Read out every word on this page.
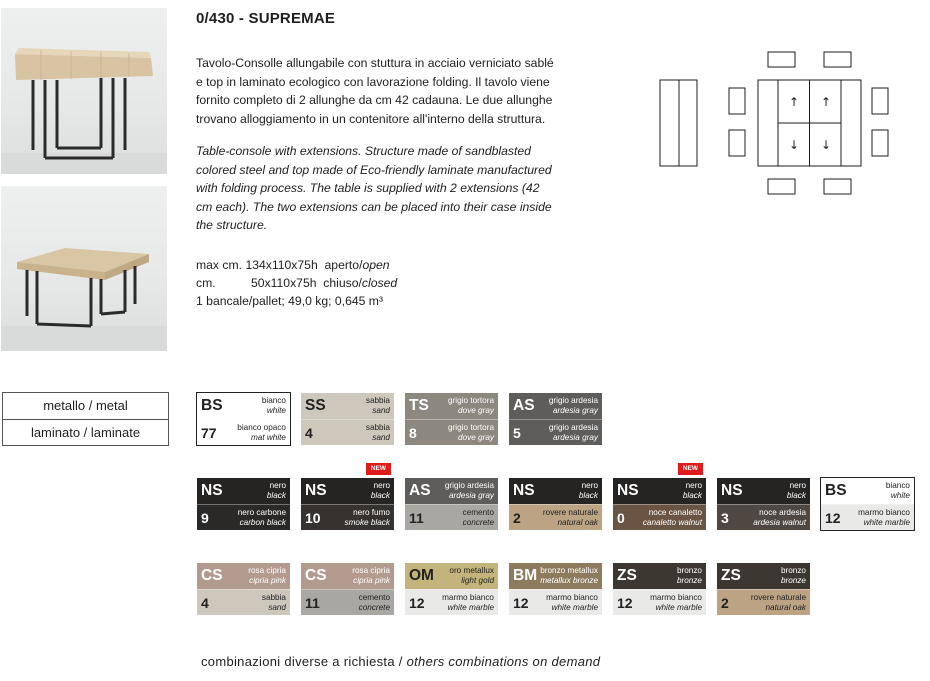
0/430 - SUPREMAE
Tavolo-Consolle allungabile con stuttura in acciaio verniciato sablé e top in laminato ecologico con lavorazione folding. Il tavolo viene fornito completo di 2 allunghe da cm 42 cadauna. Le due allunghe trovano alloggiamento in un contenitore all'interno della struttura.
Table-console with extensions. Structure made of sandblasted colored steel and top made of Eco-friendly laminate manufactured with folding process. The table is supplied with 2 extensions (42 cm each). The two extensions can be placed into their case inside the structure.
max cm. 134x110x75h aperto/open
cm.	50x110x75h chiuso/closed
1 bancale/pallet; 49,0 kg; 0,645 m³
↑ ↑
↓ ↓
metallo / metal
laminato / laminate
BS	bianco
white
77	bianco opaco
mat white
SS	sabbia
sand
4	sabbia
sand
TS grigio tortora
dove gray
8	grigio tortora
dove gray
AS grigio ardesia
ardesia gray
5	grigio ardesia
ardesia gray
NS	nero
black
9	nero carbone
carbon black
NS	nero
black
10	nero fumo
smoke black
AS grigio ardesia
ardesia gray
11	cemento
concrete
NS	nero
black
2	rovere naturale
natural oak
NS	nero
black
0	noce canaletto
canaletto walnut
NS	nero
black
3	noce ardesia
ardesia walnut
BS	bianco
white
12 marmo bianco
white marble
CS	rosa cipria
cipria pink
4	sabbia
sand
CS	rosa cipria
cipria pink
11	cemento
concrete
OM oro metallux
light gold
12 marmo bianco
white marble
BM bronzo metallux
metallux bronze
12 marmo bianco
white marble
ZS	bronzo
bronze
12 marmo bianco
white marble
ZS	bronzo
bronze
2	rovere naturale
natural oak
NEW	NEW
combinazioni diverse a richiesta / others combinations on demand
